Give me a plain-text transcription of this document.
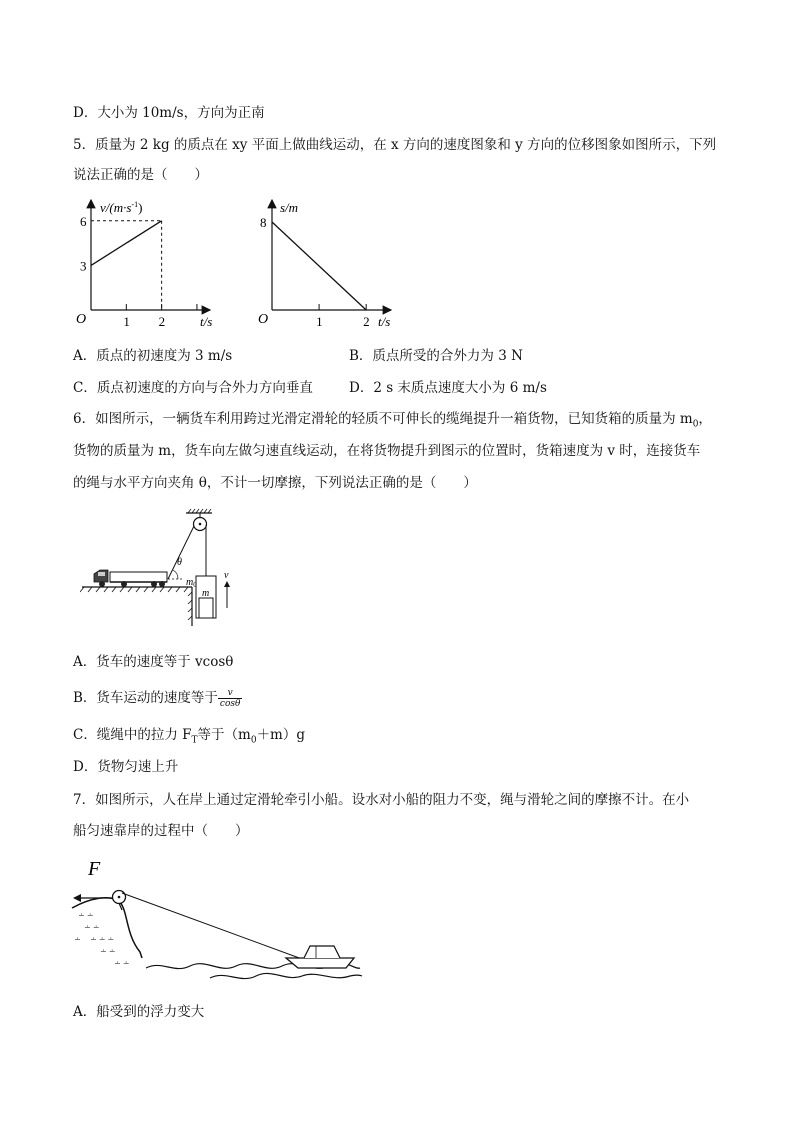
D．大小为 10m/s，方向为正南
5．质量为 2 kg 的质点在 xy 平面上做曲线运动，在 x 方向的速度图象和 y 方向的位移图象如图所示，下列
说法正确的是（　　）
$v/(m\cdot s^{-1})$
O
6
3
1 2	t/s
s/m
O
8
1	2 t/s
A．质点的初速度为 3 m/s	B．质点所受的合外力为 3 N
C．质点初速度的方向与合外力方向垂直	D．2 s 末质点速度大小为 6 m/s
6．如图所示，一辆货车利用跨过光滑定滑轮的轻质不可伸长的缆绳提升一箱货物，已知货箱的质量为 $m_0$，
货物的质量为 m，货车向左做匀速直线运动，在将货物提升到图示的位置时，货箱速度为 v 时，连接货车
的绳与水平方向夹角 θ，不计一切摩擦，下列说法正确的是（　　）
θ
$m_0$
m
v
A．货车的速度等于 vcosθ
B．货车运动的速度等于 $\frac{v}{\cos\theta}$
C．缆绳中的拉力 $F_T$等于$(m_0+m)g$
D．货物匀速上升
7．如图所示，人在岸上通过定滑轮牵引小船。设水对小船的阻力不变，绳与滑轮之间的摩擦不计。在小
船匀速靠岸的过程中（　　）
F
∸ ∸
∸ ∸
∸ ∸ ∸
∸ ∸
∸ ∸
∸
A．船受到的浮力变大
